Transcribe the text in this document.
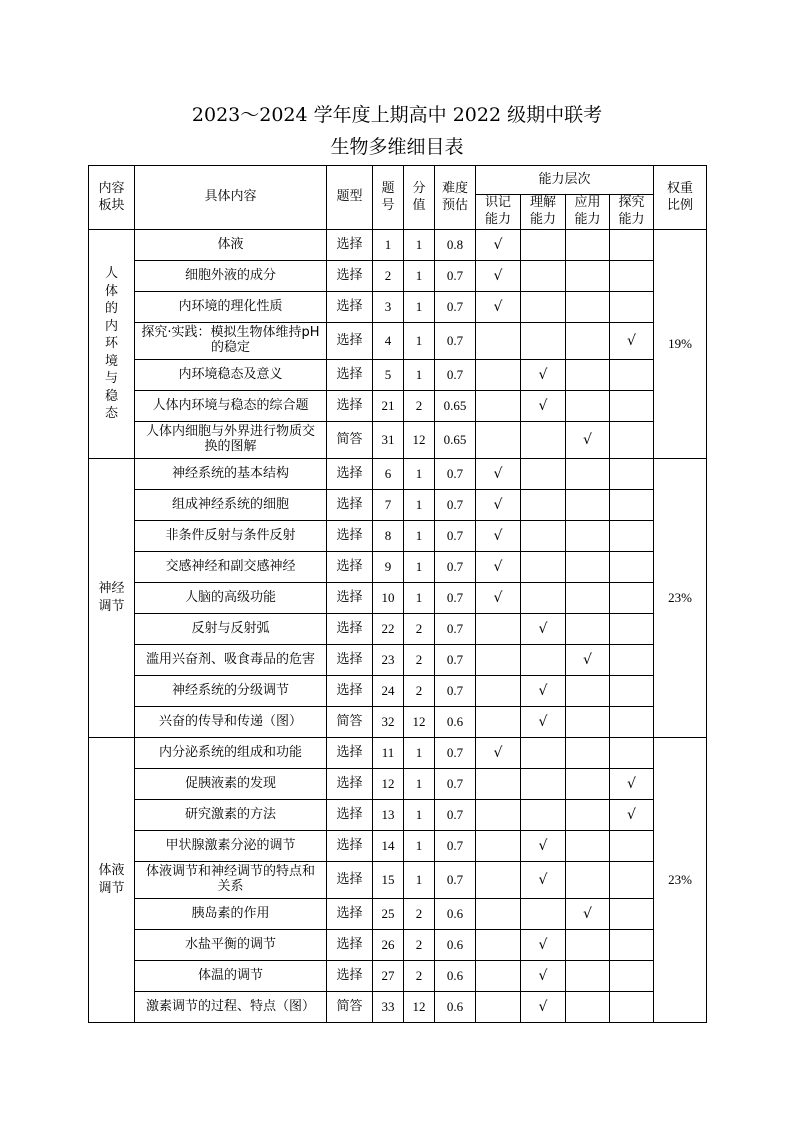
2023～2024 学年度上期高中 2022 级期中联考
生物多维细目表
内容板块	具体内容	题型	题号	分值	难度预估	能力层次				权重比例
						识记能力	理解能力	应用能力	探究能力	
人体的内环境与稳态	体液	选择	1	1	0.8	√				19%
	细胞外液的成分	选择	2	1	0.7	√				
	内环境的理化性质	选择	3	1	0.7	√				
	探究·实践：模拟生物体维持pH 的稳定	选择	4	1	0.7				√	
	内环境稳态及意义	选择	5	1	0.7		√			
	人体内环境与稳态的综合题	选择	21	2	0.65		√			
	人体内细胞与外界进行物质交换的图解	简答	31	12	0.65			√		
神经调节	神经系统的基本结构	选择	6	1	0.7	√				23%
	组成神经系统的细胞	选择	7	1	0.7	√				
	非条件反射与条件反射	选择	8	1	0.7	√				
	交感神经和副交感神经	选择	9	1	0.7	√				
	人脑的高级功能	选择	10	1	0.7	√				
	反射与反射弧	选择	22	2	0.7		√			
	滥用兴奋剂、吸食毒品的危害	选择	23	2	0.7			√		
	神经系统的分级调节	选择	24	2	0.7		√			
	兴奋的传导和传递（图）	简答	32	12	0.6		√			
体液调节	内分泌系统的组成和功能	选择	11	1	0.7	√				23%
	促胰液素的发现	选择	12	1	0.7				√	
	研究激素的方法	选择	13	1	0.7				√	
	甲状腺激素分泌的调节	选择	14	1	0.7		√			
	体液调节和神经调节的特点和关系	选择	15	1	0.7		√			
	胰岛素的作用	选择	25	2	0.6			√		
	水盐平衡的调节	选择	26	2	0.6		√			
	体温的调节	选择	27	2	0.6		√			
	激素调节的过程、特点（图）	简答	33	12	0.6		√			
